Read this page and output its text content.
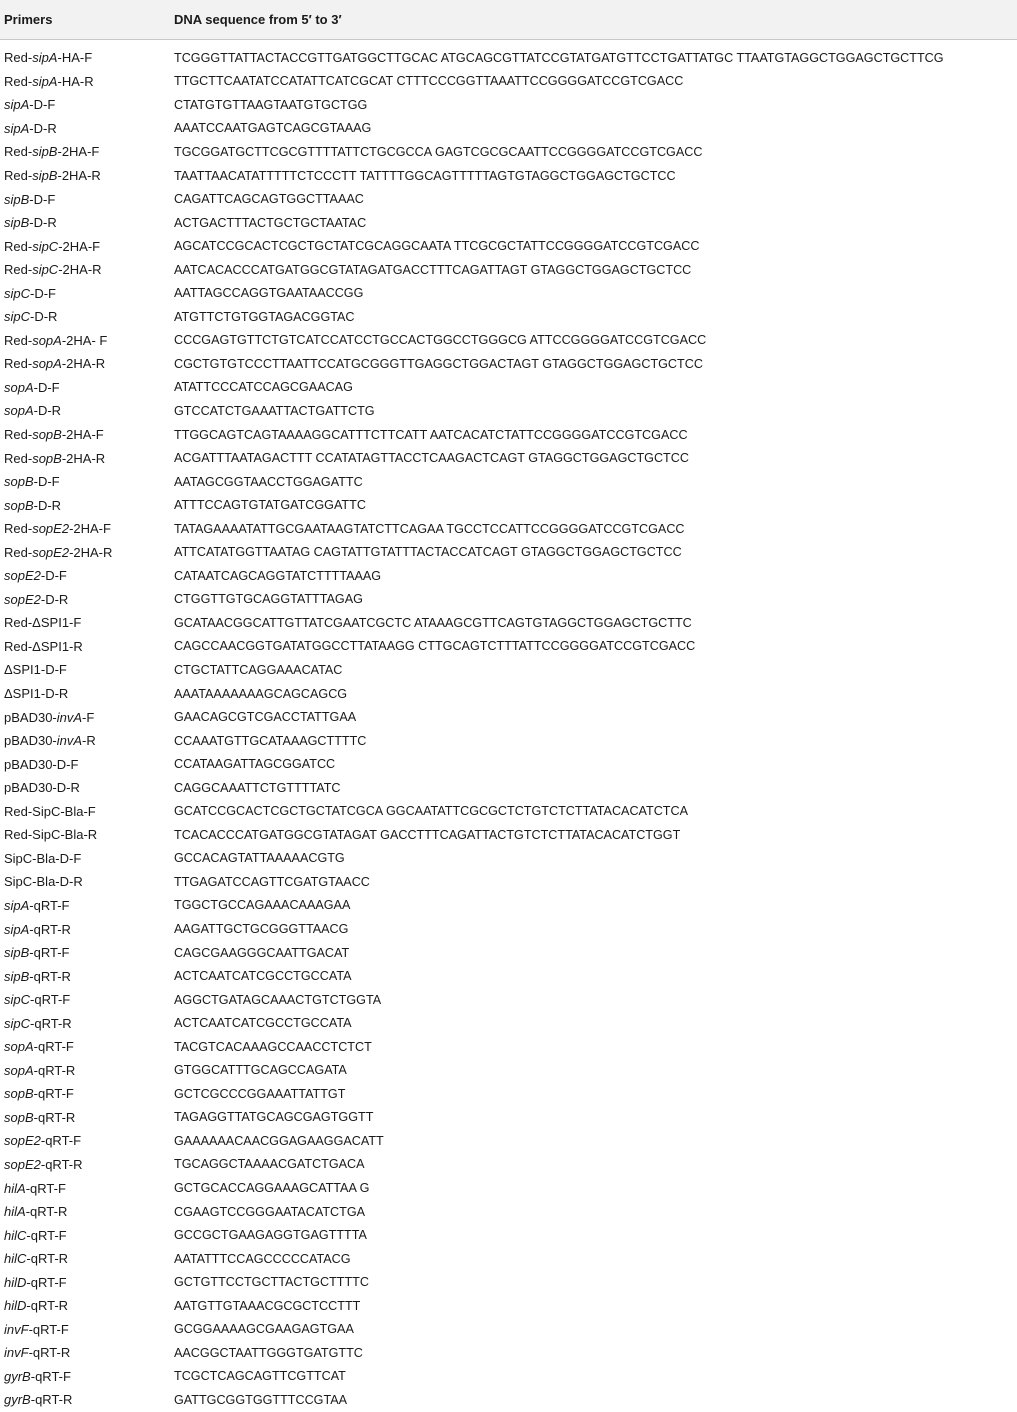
Primers	DNA sequence from 5′ to 3′
Red-sipA-HA-F	TCGGGTTATTACTACCGTTGATGGCTTGCAC ATGCAGCGTTATCCGTATGATGTTCCTGATTATGC TTAATGTAGGCTGGAGCTGCTTCG
Red-sipA-HA-R	TTGCTTCAATATCCATATTCATCGCAT CTTTCCCGGTTAAATTCCGGGGATCCGTCGACC
sipA-D-F	CTATGTGTTAAGTAATGTGCTGG
sipA-D-R	AAATCCAATGAGTCAGCGTAAAG
Red-sipB-2HA-F	TGCGGATGCTTCGCGTTTTATTCTGCGCCA GAGTCGCGCAATTCCGGGGATCCGTCGACC
Red-sipB-2HA-R	TAATTAACATATTTTTCTCCCTT TATTTTGGCAGTTTTTAGTGTAGGCTGGAGCTGCTCC
sipB-D-F	CAGATTCAGCAGTGGCTTAAAC
sipB-D-R	ACTGACTTTACTGCTGCTAATAC
Red-sipC-2HA-F	AGCATCCGCACTCGCTGCTATCGCAGGCAATA TTCGCGCTATTCCGGGGATCCGTCGACC
Red-sipC-2HA-R	AATCACACCCATGATGGCGTATAGATGACCTTTCAGATTAGT GTAGGCTGGAGCTGCTCC
sipC-D-F	AATTAGCCAGGTGAATAACCGG
sipC-D-R	ATGTTCTGTGGTAGACGGTAC
Red-sopA-2HA- F	CCCGAGTGTTCTGTCATCCATCCTGCCACTGGCCTGGGCG ATTCCGGGGATCCGTCGACC
Red-sopA-2HA-R	CGCTGTGTCCCTTAATTCCATGCGGGTTGAGGCTGGACTAGT GTAGGCTGGAGCTGCTCC
sopA-D-F	ATATTCCCATCCAGCGAACAG
sopA-D-R	GTCCATCTGAAATTACTGATTCTG
Red-sopB-2HA-F	TTGGCAGTCAGTAAAAGGCATTTCTTCATT AATCACATCTATTCCGGGGATCCGTCGACC
Red-sopB-2HA-R	ACGATTTAATAGACTTT CCATATAGTTACCTCAAGACTCAGT GTAGGCTGGAGCTGCTCC
sopB-D-F	AATAGCGGTAACCTGGAGATTC
sopB-D-R	ATTTCCAGTGTATGATCGGATTC
Red-sopE2-2HA-F	TATAGAAAATATTGCGAATAAGTATCTTCAGAA TGCCTCCATTCCGGGGATCCGTCGACC
Red-sopE2-2HA-R	ATTCATATGGTTAATAG CAGTATTGTATTTACTACCATCAGT GTAGGCTGGAGCTGCTCC
sopE2-D-F	CATAATCAGCAGGTATCTTTTAAAG
sopE2-D-R	CTGGTTGTGCAGGTATTTAGAG
Red-ΔSPI1-F	GCATAACGGCATTGTTATCGAATCGCTC ATAAAGCGTTCAGTGTAGGCTGGAGCTGCTTC
Red-ΔSPI1-R	CAGCCAACGGTGATATGGCCTTATAAGG CTTGCAGTCTTTATTCCGGGGATCCGTCGACC
ΔSPI1-D-F	CTGCTATTCAGGAAACATAC
ΔSPI1-D-R	AAATAAAAAAAGCAGCAGCG
pBAD30-invA-F	GAACAGCGTCGACCTATTGAA
pBAD30-invA-R	CCAAATGTTGCATAAAGCTTTTC
pBAD30-D-F	CCATAAGATTAGCGGATCC
pBAD30-D-R	CAGGCAAATTCTGTTTTATC
Red-SipC-Bla-F	GCATCCGCACTCGCTGCTATCGCA GGCAATATTCGCGCTCTGTCTCTTATACACATCTCA
Red-SipC-Bla-R	TCACACCCATGATGGCGTATAGAT GACCTTTCAGATTACTGTCTCTTATACACATCTGGT
SipC-Bla-D-F	GCCACAGTATTAAAAACGTG
SipC-Bla-D-R	TTGAGATCCAGTTCGATGTAACC
sipA-qRT-F	TGGCTGCCAGAAACAAAGAA
sipA-qRT-R	AAGATTGCTGCGGGTTAACG
sipB-qRT-F	CAGCGAAGGGCAATTGACAT
sipB-qRT-R	ACTCAATCATCGCCTGCCATA
sipC-qRT-F	AGGCTGATAGCAAACTGTCTGGTA
sipC-qRT-R	ACTCAATCATCGCCTGCCATA
sopA-qRT-F	TACGTCACAAAGCCAACCTCTCT
sopA-qRT-R	GTGGCATTTGCAGCCAGATA
sopB-qRT-F	GCTCGCCCGGAAATTATTGT
sopB-qRT-R	TAGAGGTTATGCAGCGAGTGGTT
sopE2-qRT-F	GAAAAAACAACGGAGAAGGACATT
sopE2-qRT-R	TGCAGGCTAAAACGATCTGACA
hilA-qRT-F	GCTGCACCAGGAAAGCATTAA G
hilA-qRT-R	CGAAGTCCGGGAATACATCTGA
hilC-qRT-F	GCCGCTGAAGAGGTGAGTTTTA
hilC-qRT-R	AATATTTCCAGCCCCCATACG
hilD-qRT-F	GCTGTTCCTGCTTACTGCTTTTC
hilD-qRT-R	AATGTTGTAAACGCGCTCCTTT
invF-qRT-F	GCGGAAAAGCGAAGAGTGAA
invF-qRT-R	AACGGCTAATTGGGTGATGTTC
gyrB-qRT-F	TCGCTCAGCAGTTCGTTCAT
gyrB-qRT-R	GATTGCGGTGGTTTCCGTAA
